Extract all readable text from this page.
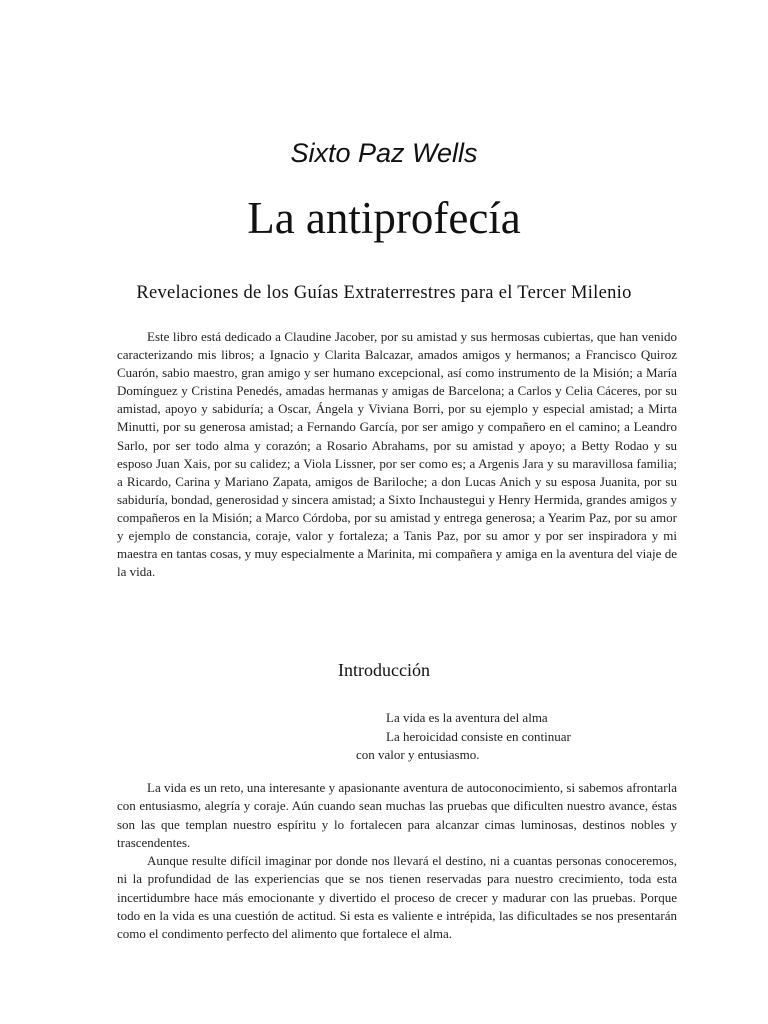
Sixto Paz Wells
La antiprofecía
Revelaciones de los Guías Extraterrestres para el Tercer Milenio

Este libro está dedicado a Claudine Jacober, por su amistad y sus hermosas cubiertas, que han venido caracterizando mis libros; a Ignacio y Clarita Balcazar, amados amigos y hermanos; a Francisco Quiroz Cuarón, sabio maestro, gran amigo y ser humano excepcional, así como instrumento de la Misión; a María Domínguez y Cristina Penedés, amadas hermanas y amigas de Barcelona; a Carlos y Celia Cáceres, por su amistad, apoyo y sabiduría; a Oscar, Ángela y Viviana Borri, por su ejemplo y especial amistad; a Mirta Minutti, por su generosa amistad; a Fernando García, por ser amigo y compañero en el camino; a Leandro Sarlo, por ser todo alma y corazón; a Rosario Abrahams, por su amistad y apoyo; a Betty Rodao y su esposo Juan Xais, por su calidez; a Viola Lissner, por ser como es; a Argenis Jara y su maravillosa familia; a Ricardo, Carina y Mariano Zapata, amigos de Bariloche; a don Lucas Anich y su esposa Juanita, por su sabiduría, bondad, generosidad y sincera amistad; a Sixto Inchaustegui y Henry Hermida, grandes amigos y compañeros en la Misión; a Marco Córdoba, por su amistad y entrega generosa; a Yearim Paz, por su amor y ejemplo de constancia, coraje, valor y fortaleza; a Tanis Paz, por su amor y por ser inspiradora y mi maestra en tantas cosas, y muy especialmente a Marinita, mi compañera y amiga en la aventura del viaje de la vida.

Introducción
La vida es la aventura del alma
La heroicidad consiste en continuar
con valor y entusiasmo.

La vida es un reto, una interesante y apasionante aventura de autoconocimiento, si sabemos afrontarla con entusiasmo, alegría y coraje. Aún cuando sean muchas las pruebas que dificulten nuestro avance, éstas son las que templan nuestro espíritu y lo fortalecen para alcanzar cimas luminosas, destinos nobles y trascendentes.

Aunque resulte difícil imaginar por donde nos llevará el destino, ni a cuantas personas conoceremos, ni la profundidad de las experiencias que se nos tienen reservadas para nuestro crecimiento, toda esta incertidumbre hace más emocionante y divertido el proceso de crecer y madurar con las pruebas. Porque todo en la vida es una cuestión de actitud. Si esta es valiente e intrépida, las dificultades se nos presentarán como el condimento perfecto del alimento que fortalece el alma.
